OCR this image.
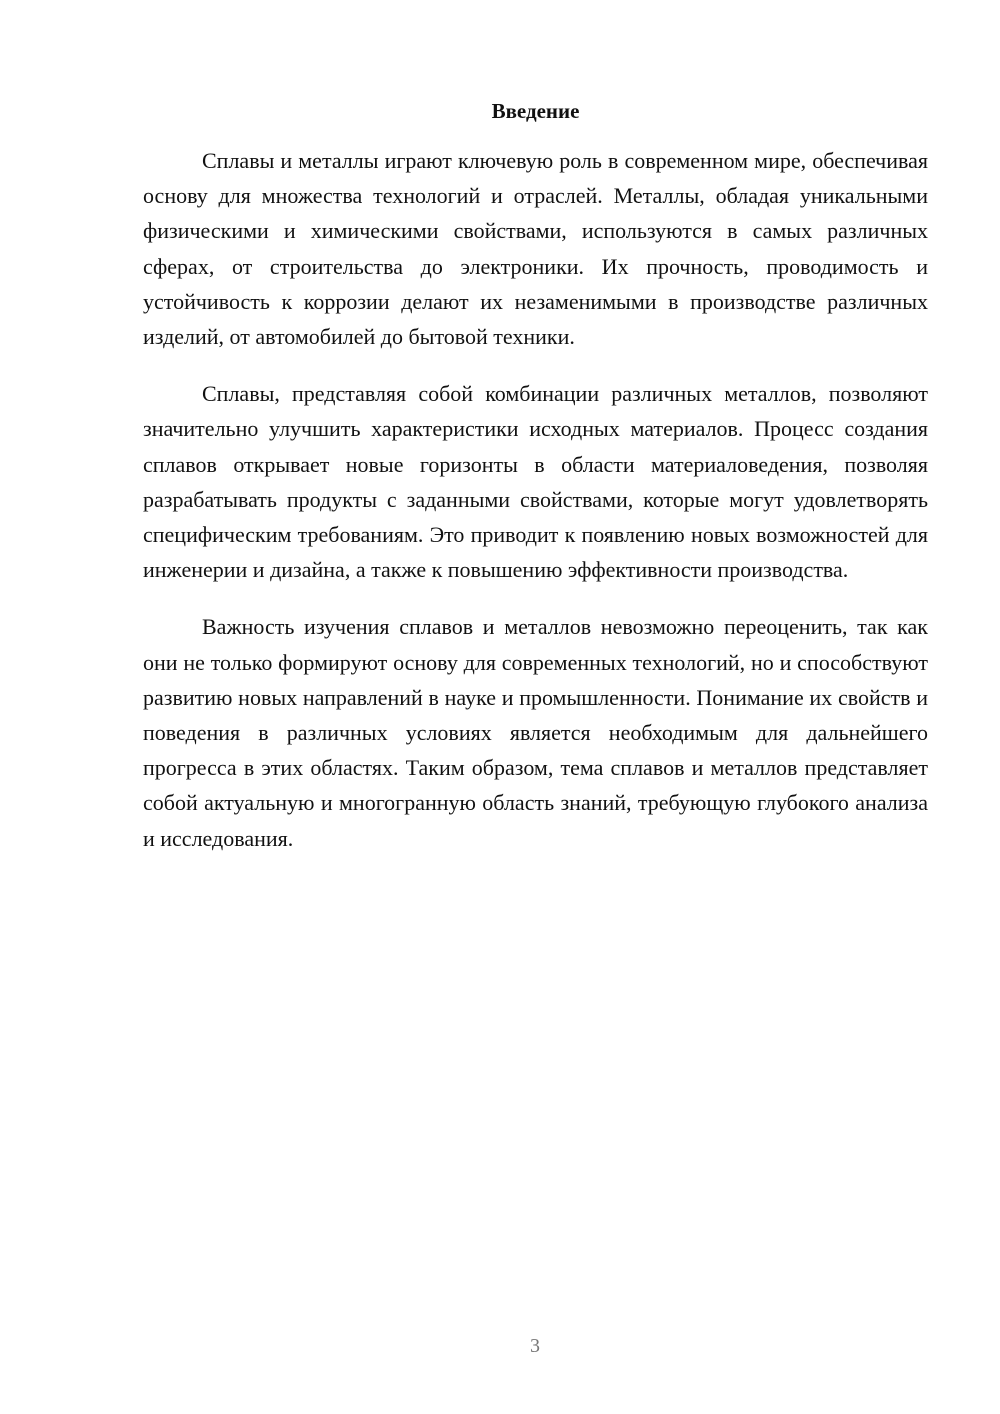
Введение

Сплавы и металлы играют ключевую роль в современном мире, обеспечивая основу для множества технологий и отраслей. Металлы, обладая уникальными физическими и химическими свойствами, используются в самых различных сферах, от строительства до электроники. Их прочность, проводимость и устойчивость к коррозии делают их незаменимыми в производстве различных изделий, от автомобилей до бытовой техники.

Сплавы, представляя собой комбинации различных металлов, позволяют значительно улучшить характеристики исходных материалов. Процесс создания сплавов открывает новые горизонты в области материаловедения, позволяя разрабатывать продукты с заданными свойствами, которые могут удовлетворять специфическим требованиям. Это приводит к появлению новых возможностей для инженерии и дизайна, а также к повышению эффективности производства.

Важность изучения сплавов и металлов невозможно переоценить, так как они не только формируют основу для современных технологий, но и способствуют развитию новых направлений в науке и промышленности. Понимание их свойств и поведения в различных условиях является необходимым для дальнейшего прогресса в этих областях. Таким образом, тема сплавов и металлов представляет собой актуальную и многогранную область знаний, требующую глубокого анализа и исследования.

3
